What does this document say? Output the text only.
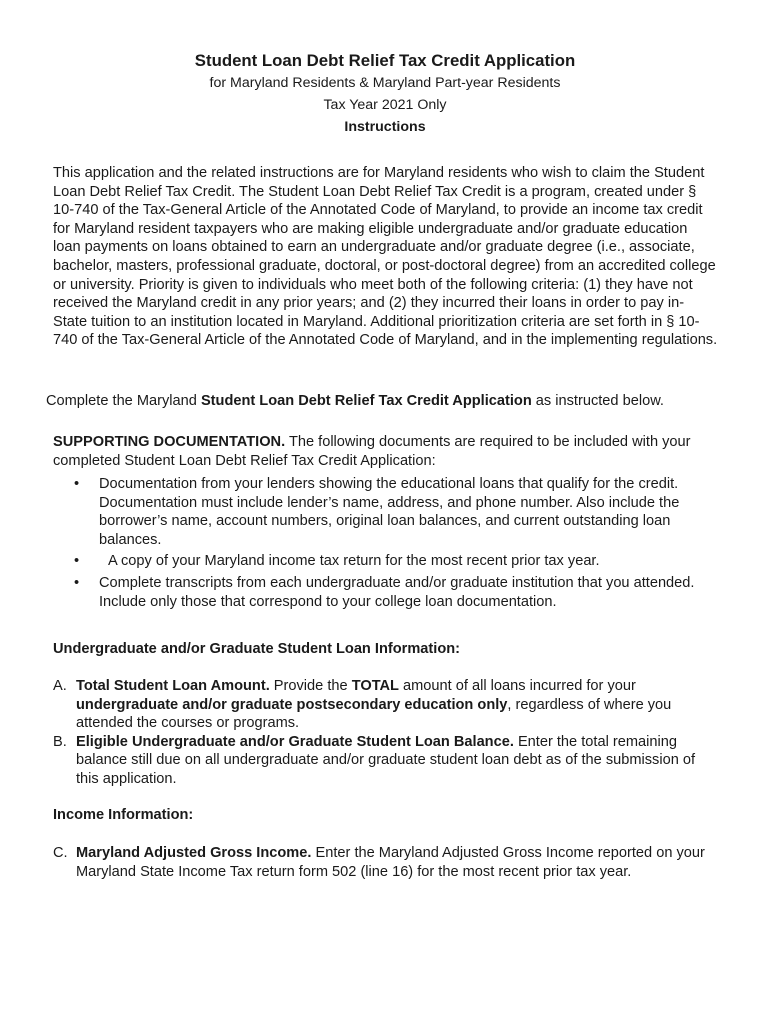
Student Loan Debt Relief Tax Credit Application
for Maryland Residents & Maryland Part-year Residents
Tax Year 2021 Only
Instructions

This application and the related instructions are for Maryland residents who wish to claim the Student Loan Debt Relief Tax Credit. The Student Loan Debt Relief Tax Credit is a program, created under § 10-740 of the Tax-General Article of the Annotated Code of Maryland, to provide an income tax credit for Maryland resident taxpayers who are making eligible undergraduate and/or graduate education loan payments on loans obtained to earn an undergraduate and/or graduate degree (i.e., associate, bachelor, masters, professional graduate, doctoral, or post-doctoral degree) from an accredited college or university. Priority is given to individuals who meet both of the following criteria: (1) they have not received the Maryland credit in any prior years; and (2) they incurred their loans in order to pay in-State tuition to an institution located in Maryland. Additional prioritization criteria are set forth in § 10-740 of the Tax-General Article of the Annotated Code of Maryland, and in the implementing regulations.

Complete the Maryland Student Loan Debt Relief Tax Credit Application as instructed below.

SUPPORTING DOCUMENTATION. The following documents are required to be included with your completed Student Loan Debt Relief Tax Credit Application:

• Documentation from your lenders showing the educational loans that qualify for the credit. Documentation must include lender’s name, address, and phone number. Also include the borrower’s name, account numbers, original loan balances, and current outstanding loan balances.
• A copy of your Maryland income tax return for the most recent prior tax year.
• Complete transcripts from each undergraduate and/or graduate institution that you attended. Include only those that correspond to your college loan documentation.

Undergraduate and/or Graduate Student Loan Information:

A. Total Student Loan Amount. Provide the TOTAL amount of all loans incurred for your undergraduate and/or graduate postsecondary education only, regardless of where you attended the courses or programs.
B. Eligible Undergraduate and/or Graduate Student Loan Balance. Enter the total remaining balance still due on all undergraduate and/or graduate student loan debt as of the submission of this application.

Income Information:

C. Maryland Adjusted Gross Income. Enter the Maryland Adjusted Gross Income reported on your Maryland State Income Tax return form 502 (line 16) for the most recent prior tax year.
